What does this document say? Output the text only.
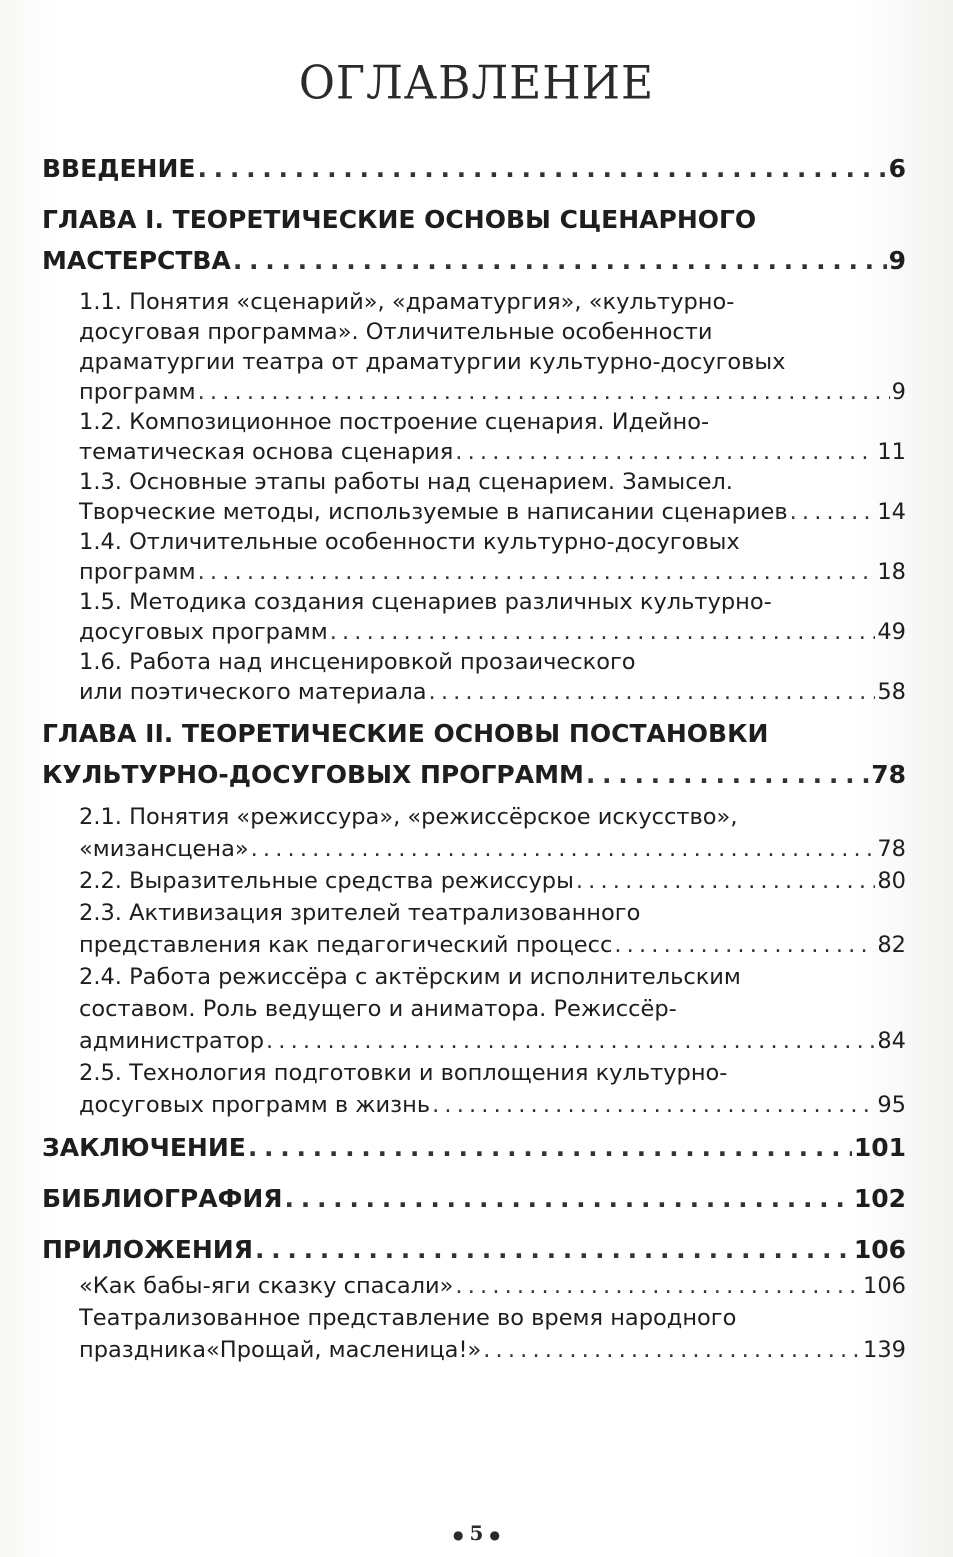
ОГЛАВЛЕНИЕ
ВВЕДЕНИЕ . . .	6
ГЛАВА I. ТЕОРЕТИЧЕСКИЕ ОСНОВЫ СЦЕНАРНОГО
МАСТЕРСТВА . . .	9
1.1. Понятия «сценарий», «драматургия», «культурно-
досуговая программа». Отличительные особенности
драматургии театра от драматургии культурно-досуговых
программ . . .	9
1.2. Композиционное построение сценария. Идейно-
тематическая основа сценария . . .	11
1.3. Основные этапы работы над сценарием. Замысел.
Творческие методы, используемые в написании сценариев . . .	14
1.4. Отличительные особенности культурно-досуговых
программ . . .	18
1.5. Методика создания сценариев различных культурно-
досуговых программ . . .	49
1.6. Работа над инсценировкой прозаического
или поэтического материала . . .	58
ГЛАВА II. ТЕОРЕТИЧЕСКИЕ ОСНОВЫ ПОСТАНОВКИ
КУЛЬТУРНО-ДОСУГОВЫХ ПРОГРАММ . . .	78
2.1. Понятия «режиссура», «режиссёрское искусство»,
«мизансцена» . . .	78
2.2. Выразительные средства режиссуры . . .	80
2.3. Активизация зрителей театрализованного
представления как педагогический процесс . . .	82
2.4. Работа режиссёра с актёрским и исполнительским
составом. Роль ведущего и аниматора. Режиссёр-
администратор . . .	84
2.5. Технология подготовки и воплощения культурно-
досуговых программ в жизнь . . .	95
ЗАКЛЮЧЕНИЕ . . .	101
БИБЛИОГРАФИЯ . . .	102
ПРИЛОЖЕНИЯ . . .	106
«Как бабы-яги сказку спасали» . . .	106
Театрализованное представление во время народного
праздника«Прощай, масленица!» . . .	139
● 5 ●
